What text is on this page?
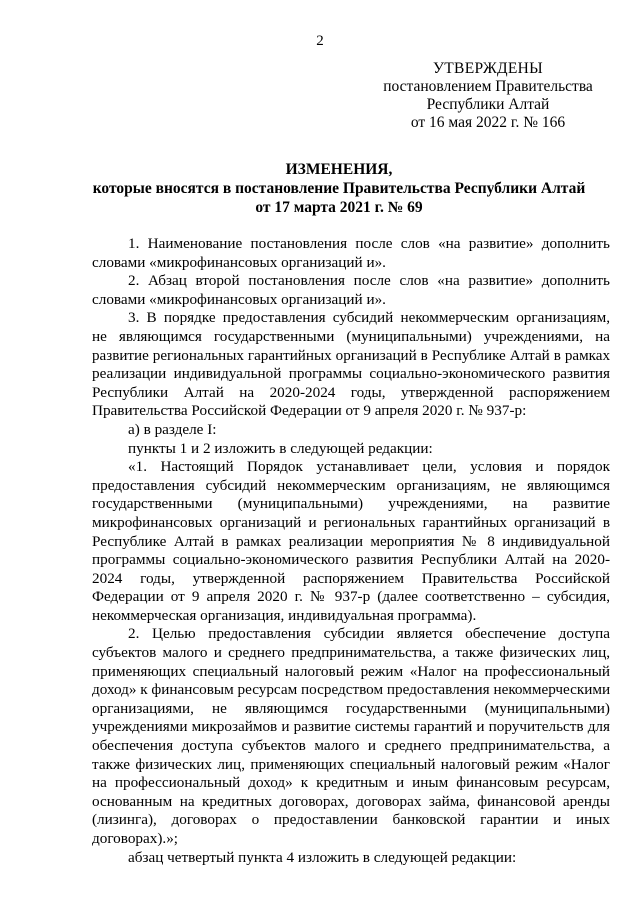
2
УТВЕРЖДЕНЫ
постановлением Правительства
Республики Алтай
от 16 мая 2022 г. № 166
ИЗМЕНЕНИЯ,
которые вносятся в постановление Правительства Республики Алтай
от 17 марта 2021 г. № 69
1. Наименование постановления после слов «на развитие» дополнить
словами «микрофинансовых организаций и».
2. Абзац второй постановления после слов «на развитие» дополнить
словами «микрофинансовых организаций и».
3. В порядке предоставления субсидий некоммерческим организациям,
не являющимся государственными (муниципальными) учреждениями, на
развитие региональных гарантийных организаций в Республике Алтай в рамках
реализации индивидуальной программы социально-экономического развития
Республики Алтай на 2020-2024 годы, утвержденной распоряжением
Правительства Российской Федерации от 9 апреля 2020 г. № 937-р:
а) в разделе I:
пункты 1 и 2 изложить в следующей редакции:
«1. Настоящий Порядок устанавливает цели, условия и порядок
предоставления субсидий некоммерческим организациям, не являющимся
государственными (муниципальными) учреждениями, на развитие
микрофинансовых организаций и региональных гарантийных организаций в
Республике Алтай в рамках реализации мероприятия № 8 индивидуальной
программы социально-экономического развития Республики Алтай на 2020-
2024 годы, утвержденной распоряжением Правительства Российской
Федерации от 9 апреля 2020 г. № 937-р (далее соответственно – субсидия,
некоммерческая организация, индивидуальная программа).
2. Целью предоставления субсидии является обеспечение доступа
субъектов малого и среднего предпринимательства, а также физических лиц,
применяющих специальный налоговый режим «Налог на профессиональный
доход» к финансовым ресурсам посредством предоставления некоммерческими
организациями, не являющимся государственными (муниципальными)
учреждениями микрозаймов и развитие системы гарантий и поручительств для
обеспечения доступа субъектов малого и среднего предпринимательства, а
также физических лиц, применяющих специальный налоговый режим «Налог
на профессиональный доход» к кредитным и иным финансовым ресурсам,
основанным на кредитных договорах, договорах займа, финансовой аренды
(лизинга), договорах о предоставлении банковской гарантии и иных
договорах).»;
абзац четвертый пункта 4 изложить в следующей редакции:
